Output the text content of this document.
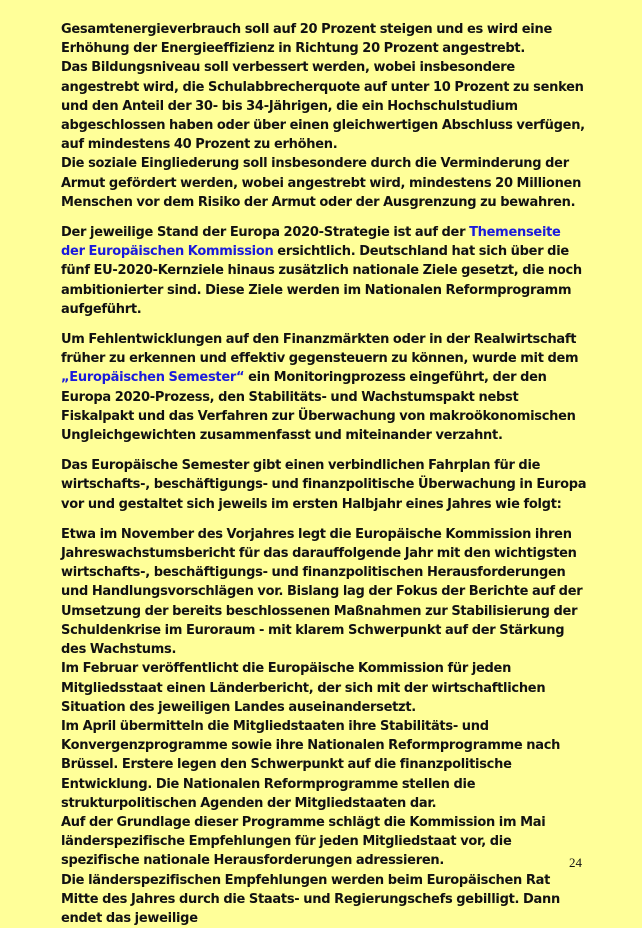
Gesamtenergieverbrauch soll auf 20 Prozent steigen und es wird eine Erhöhung der Energieeffizienz in Richtung 20 Prozent angestrebt.

Das Bildungsniveau soll verbessert werden, wobei insbesondere angestrebt wird, die Schulabbrecherquote auf unter 10 Prozent zu senken und den Anteil der 30- bis 34-Jährigen, die ein Hochschulstudium abgeschlossen haben oder über einen gleichwertigen Abschluss verfügen, auf mindestens 40 Prozent zu erhöhen.

Die soziale Eingliederung soll insbesondere durch die Verminderung der Armut gefördert werden, wobei angestrebt wird, mindestens 20 Millionen Menschen vor dem Risiko der Armut oder der Ausgrenzung zu bewahren.

Der jeweilige Stand der Europa 2020-Strategie ist auf der Themenseite der Europäischen Kommission ersichtlich. Deutschland hat sich über die fünf EU-2020-Kernziele hinaus zusätzlich nationale Ziele gesetzt, die noch ambitionierter sind. Diese Ziele werden im Nationalen Reformprogramm aufgeführt.

Um Fehlentwicklungen auf den Finanzmärkten oder in der Realwirtschaft früher zu erkennen und effektiv gegensteuern zu können, wurde mit dem „Europäischen Semester“ ein Monitoringprozess eingeführt, der den Europa 2020-Prozess, den Stabilitäts- und Wachstumspakt nebst Fiskalpakt und das Verfahren zur Überwachung von makroökonomischen Ungleichgewichten zusammenfasst und miteinander verzahnt.

Das Europäische Semester gibt einen verbindlichen Fahrplan für die wirtschafts-, beschäftigungs- und finanzpolitische Überwachung in Europa vor und gestaltet sich jeweils im ersten Halbjahr eines Jahres wie folgt:

Etwa im November des Vorjahres legt die Europäische Kommission ihren Jahreswachstumsbericht für das darauffolgende Jahr mit den wichtigsten wirtschafts-, beschäftigungs- und finanzpolitischen Herausforderungen und Handlungsvorschlägen vor. Bislang lag der Fokus der Berichte auf der Umsetzung der bereits beschlossenen Maßnahmen zur Stabilisierung der Schuldenkrise im Euroraum - mit klarem Schwerpunkt auf der Stärkung des Wachstums.

Im Februar veröffentlicht die Europäische Kommission für jeden Mitgliedsstaat einen Länderbericht, der sich mit der wirtschaftlichen Situation des jeweiligen Landes auseinandersetzt.

Im April übermitteln die Mitgliedstaaten ihre Stabilitäts- und Konvergenzprogramme sowie ihre Nationalen Reformprogramme nach Brüssel. Erstere legen den Schwerpunkt auf die finanzpolitische Entwicklung. Die Nationalen Reformprogramme stellen die strukturpolitischen Agenden der Mitgliedstaaten dar.

Auf der Grundlage dieser Programme schlägt die Kommission im Mai länderspezifische Empfehlungen für jeden Mitgliedstaat vor, die spezifische nationale Herausforderungen adressieren.

Die länderspezifischen Empfehlungen werden beim Europäischen Rat Mitte des Jahres durch die Staats- und Regierungschefs gebilligt. Dann endet das jeweilige

24
